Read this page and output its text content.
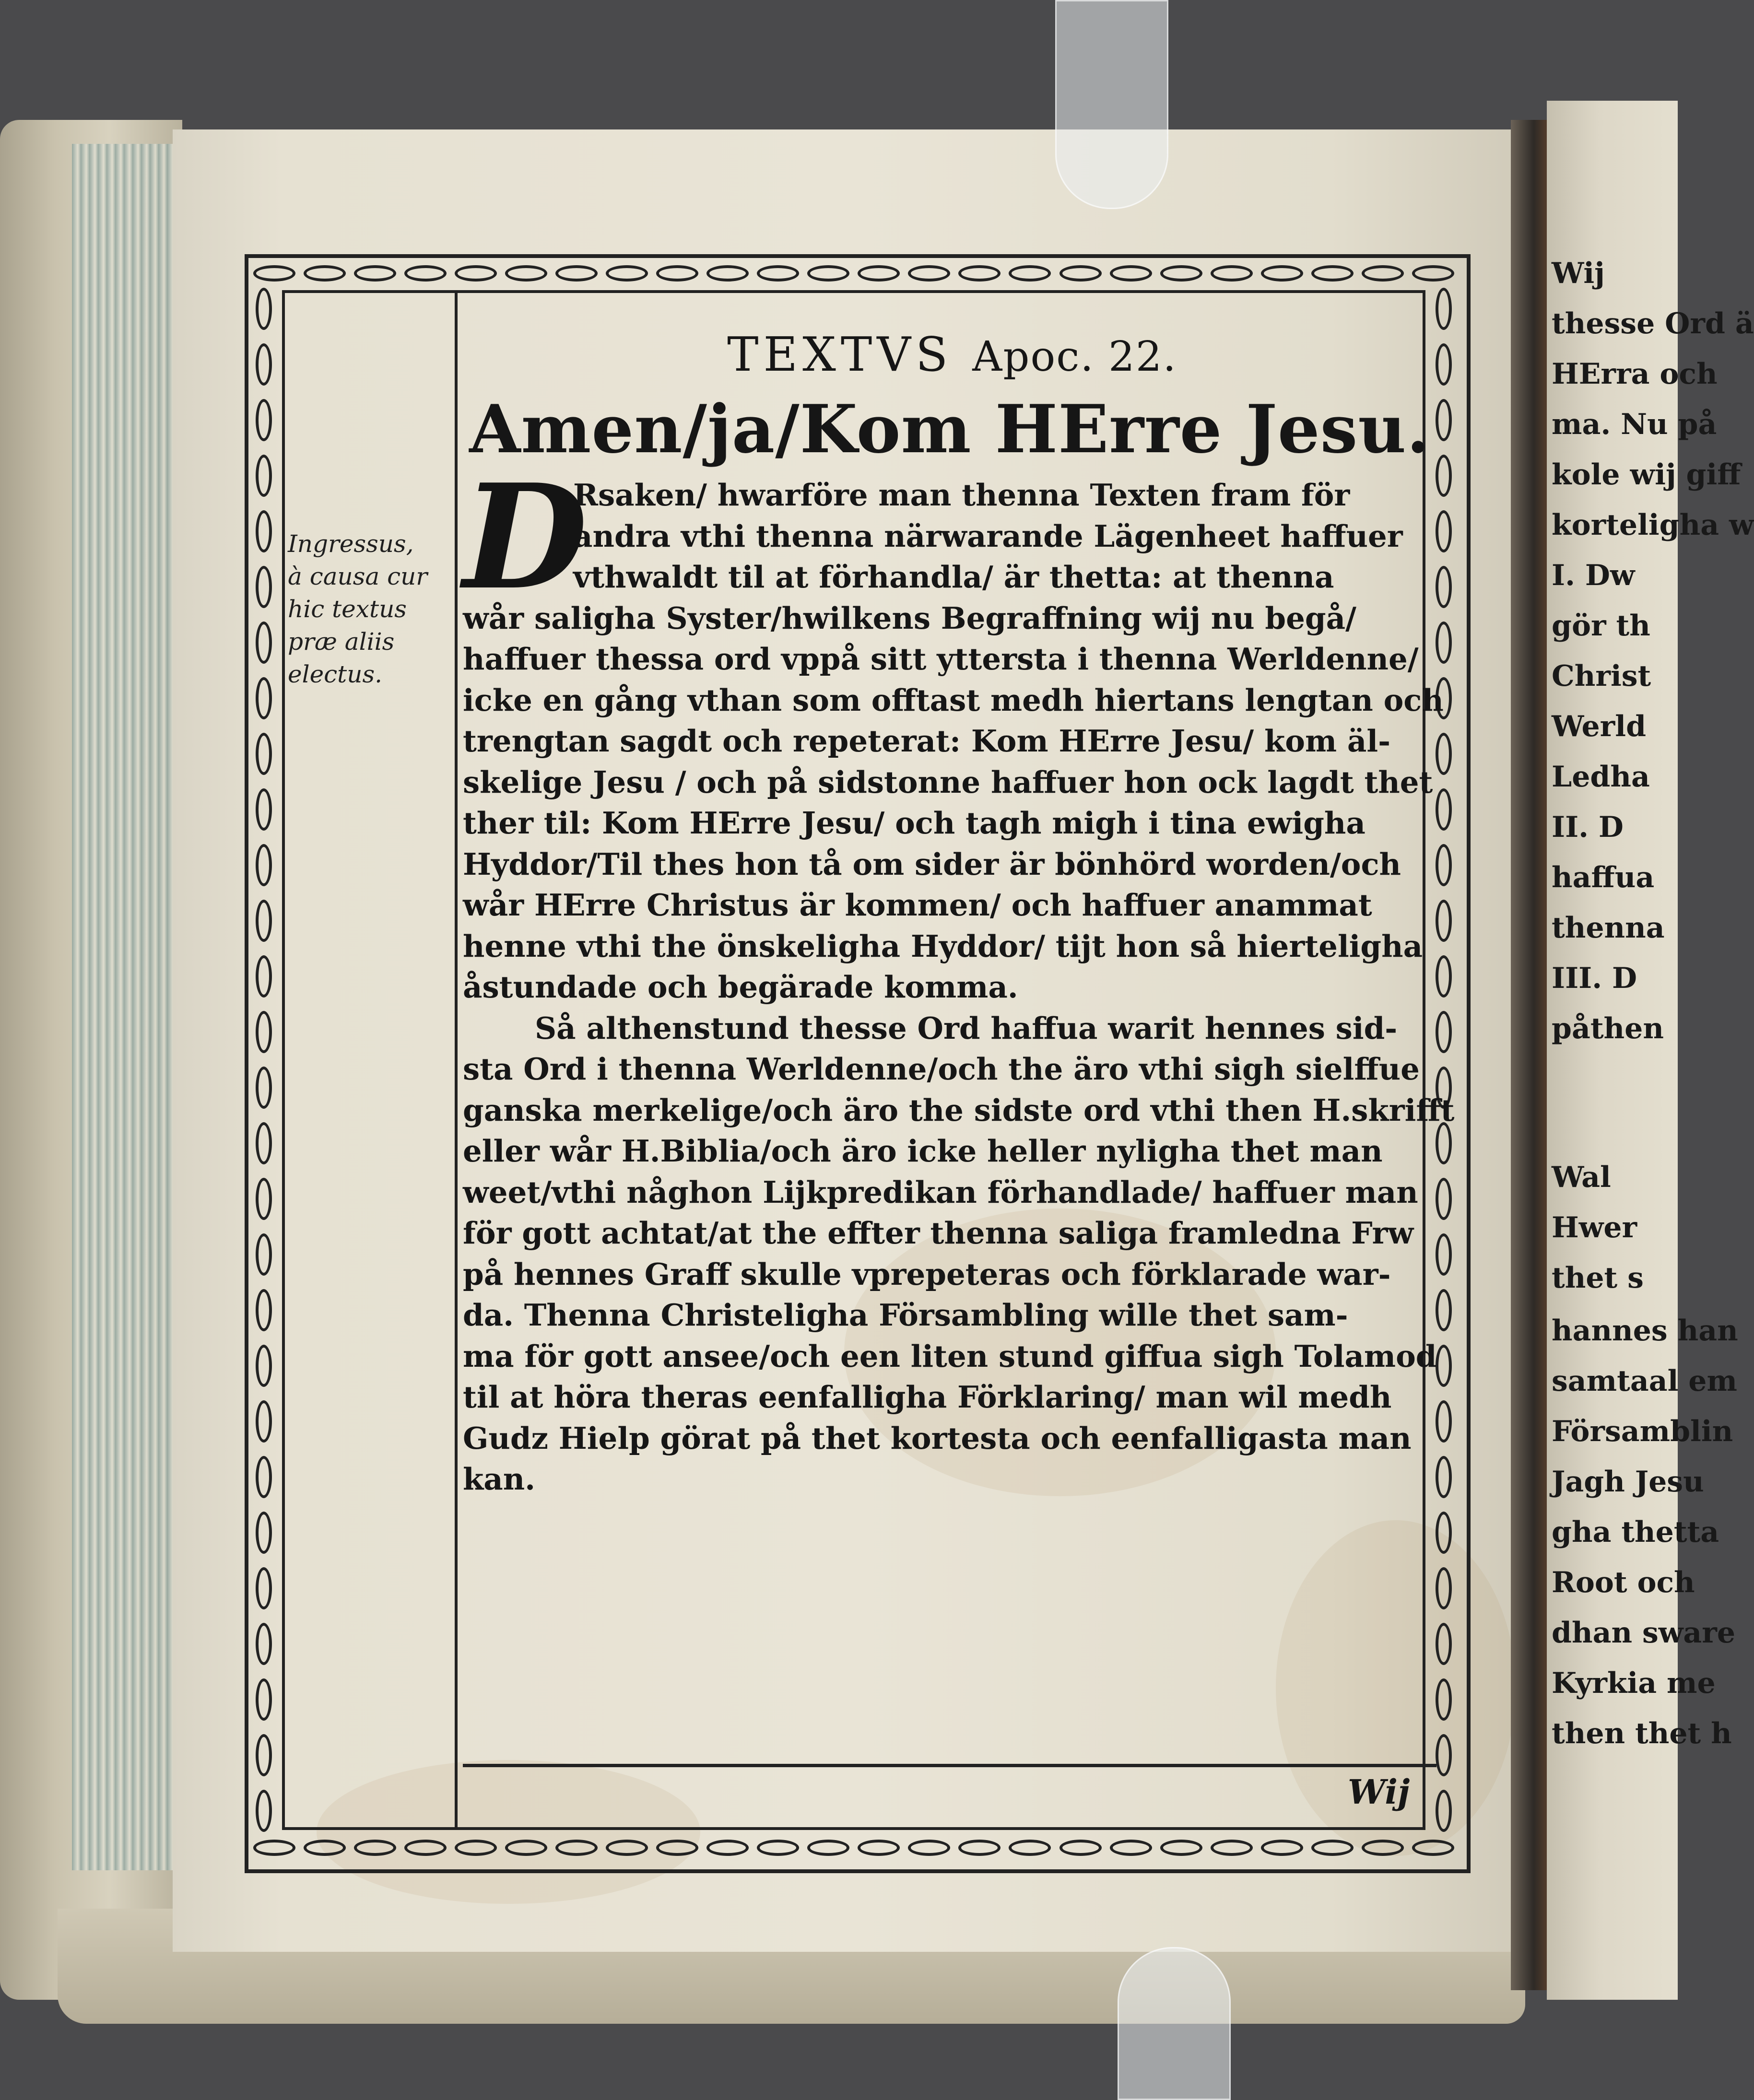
Ingressus,
à causa cur
hic textus
præ aliis
electus.
TEXTVS Apoc. 22.
Amen/ja/Kom HErre Jesu.
D
Rsaken/ hwarföre man thenna Texten fram för
andra vthi thenna närwarande Lägenheet haffuer
vthwaldt til at förhandla/ är thetta: at thenna
wår saligha Syster/hwilkens Begraffning wij nu begå/
haffuer thessa ord vppå sitt yttersta i thenna Werldenne/
icke en gång vthan som offtast medh hiertans lengtan och
trengtan sagdt och repeterat: Kom HErre Jesu/ kom äl-
skelige Jesu / och på sidstonne haffuer hon ock lagdt thet
ther til: Kom HErre Jesu/ och tagh migh i tina ewigha
Hyddor/Til thes hon tå om sider är bönhörd worden/och
wår HErre Christus är kommen/ och haffuer anammat
henne vthi the önskeligha Hyddor/ tijt hon så hierteligha
åstundade och begärade komma.
Så althenstund thesse Ord haffua warit hennes sid-
sta Ord i thenna Werldenne/och the äro vthi sigh sielffue
ganska merkelige/och äro the sidste ord vthi then H.skrifft
eller wår H.Biblia/och äro icke heller nyligha thet man
weet/vthi någhon Lijkpredikan förhandlade/ haffuer man
för gott achtat/at the effter thenna saliga framledna Frw
på hennes Graff skulle vprepeteras och förklarade war-
da. Thenna Christeligha Försambling wille thet sam-
ma för gott ansee/och een liten stund giffua sigh Tolamod
til at höra theras eenfalligha Förklaring/ man wil medh
Gudz Hielp görat på thet kortesta och eenfalligasta man
kan.
Wij
Wij
thesse Ord ä
HErra och
ma. Nu på
kole wij giff
korteligha w
I. Dw
gör th
Christ
Werld
Ledha
II. D
haffua
thenna
III. D
påthen
Wal
Hwer
thet s
hannes han
samtaal em
Församblin
Jagh Jesu
gha thetta
Root och
dhan sware
Kyrkia me
then thet h
